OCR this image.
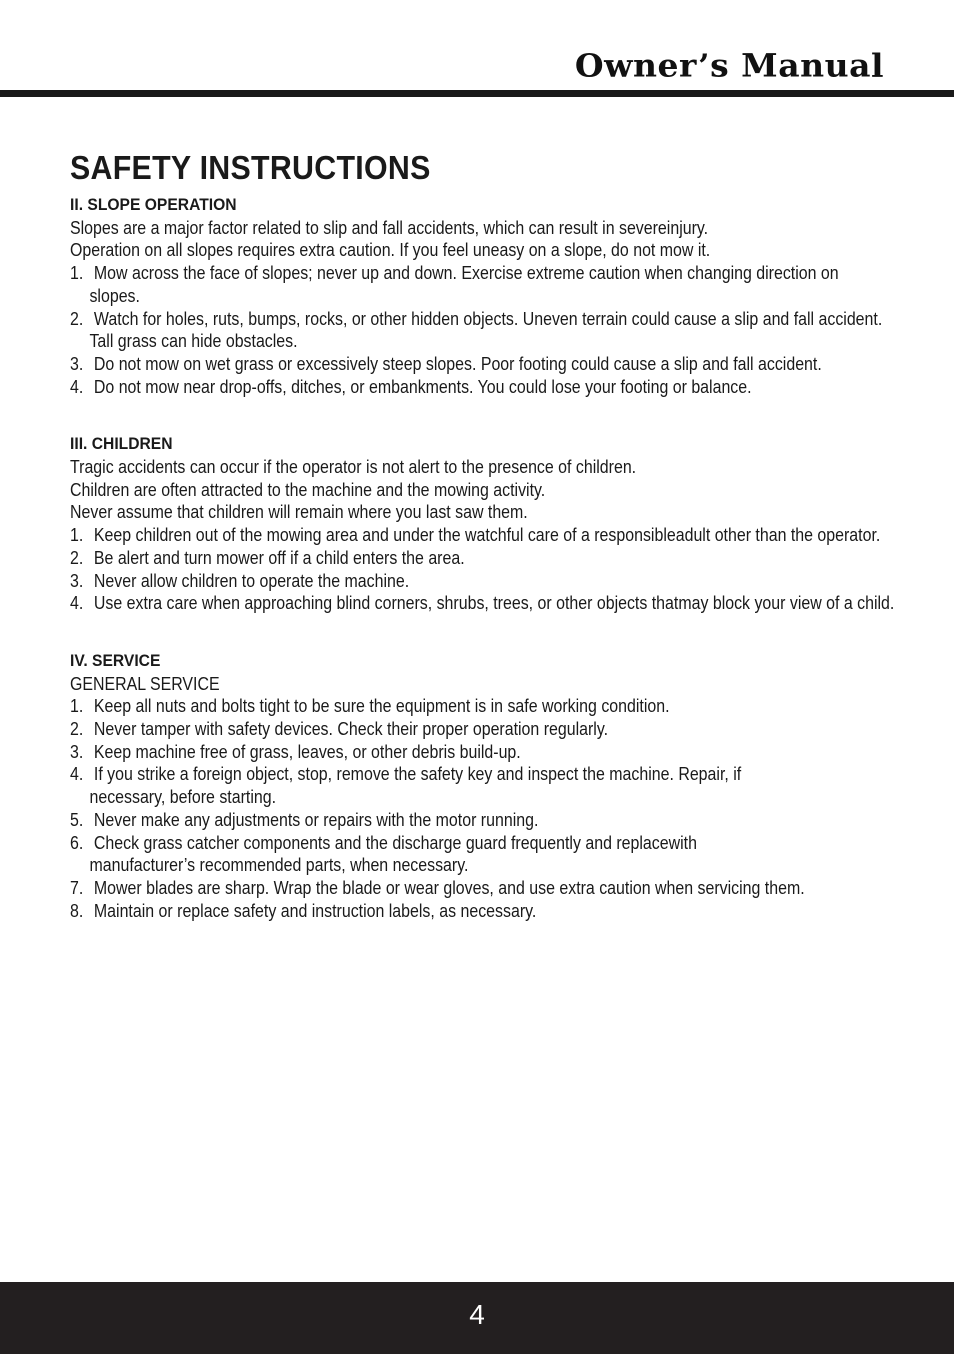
Owner’s Manual
SAFETY INSTRUCTIONS
II. SLOPE OPERATION
Slopes are a major factor related to slip and fall accidents, which can result in severeinjury.
Operation on all slopes requires extra caution. If you feel uneasy on a slope, do not mow it.
1. Mow across the face of slopes; never up and down. Exercise extreme caution when changing direction on slopes.
2. Watch for holes, ruts, bumps, rocks, or other hidden objects. Uneven terrain could cause a slip and fall accident. Tall grass can hide obstacles.
3. Do not mow on wet grass or excessively steep slopes. Poor footing could cause a slip and fall accident.
4. Do not mow near drop-offs, ditches, or embankments. You could lose your footing or balance.
III. CHILDREN
Tragic accidents can occur if the operator is not alert to the presence of children.
Children are often attracted to the machine and the mowing activity.
Never assume that children will remain where you last saw them.
1. Keep children out of the mowing area and under the watchful care of a responsibleadult other than the operator.
2. Be alert and turn mower off if a child enters the area.
3. Never allow children to operate the machine.
4. Use extra care when approaching blind corners, shrubs, trees, or other objects thatmay block your view of a child.
IV. SERVICE
GENERAL SERVICE
1. Keep all nuts and bolts tight to be sure the equipment is in safe working condition.
2. Never tamper with safety devices. Check their proper operation regularly.
3. Keep machine free of grass, leaves, or other debris build-up.
4. If you strike a foreign object, stop, remove the safety key and inspect the machine. Repair, if necessary, before starting.
5. Never make any adjustments or repairs with the motor running.
6. Check grass catcher components and the discharge guard frequently and replacewith manufacturer’s recommended parts, when necessary.
7. Mower blades are sharp. Wrap the blade or wear gloves, and use extra caution when servicing them.
8. Maintain or replace safety and instruction labels, as necessary.
4
